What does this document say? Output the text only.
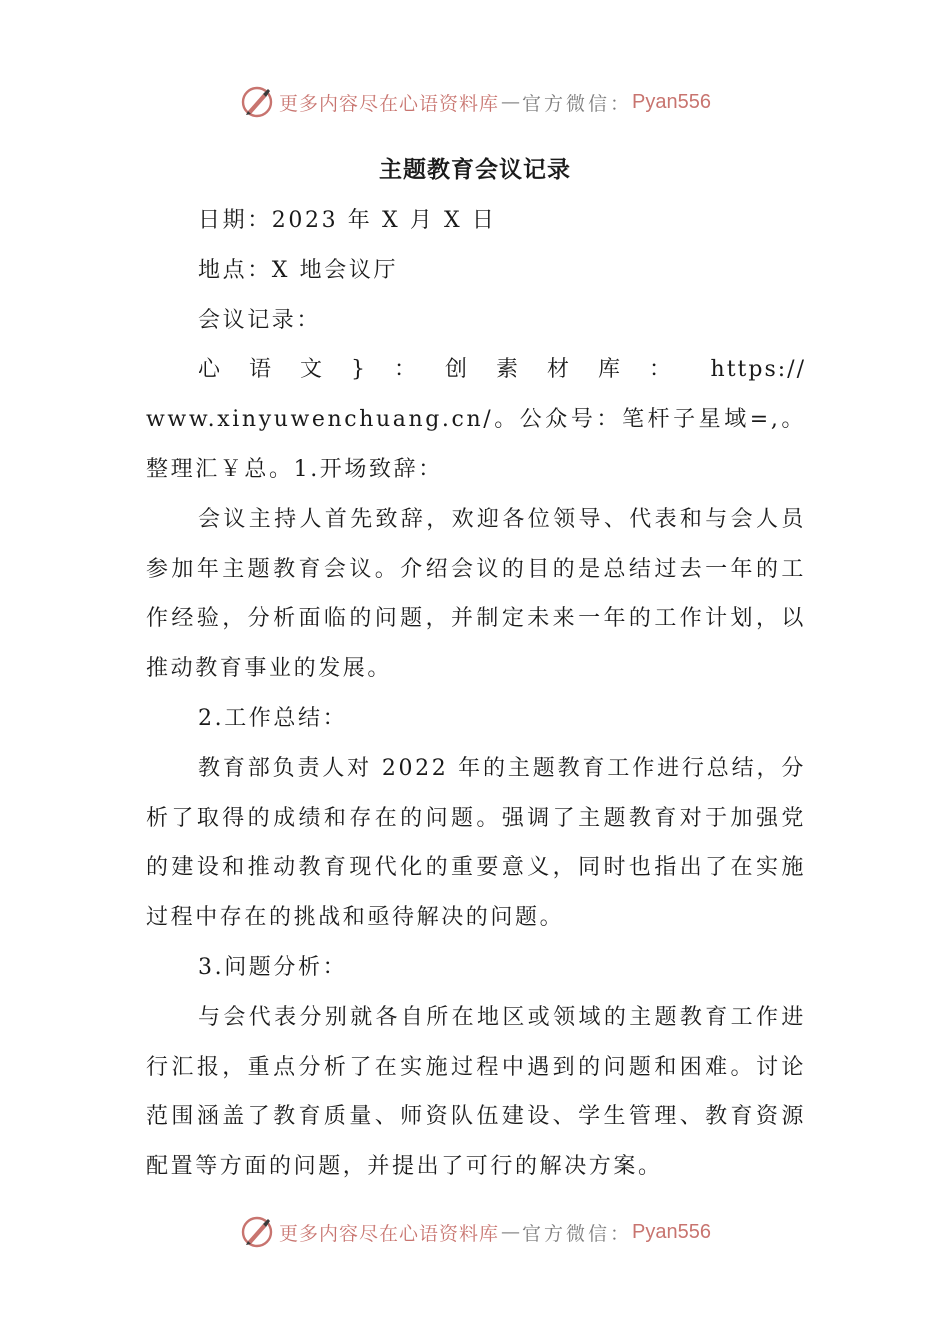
更多内容尽在心语资料库 — 官方微信： Pyan556
主题教育会议记录

日期：2023 年 X 月 X 日

地点：X 地会议厅

会议记录：

心语文}：创素材库： https://

www.xinyuwenchuang.cn/。公众号：笔杆子星域=,。整理汇￥总。1.开场致辞：

会议主持人首先致辞，欢迎各位领导、代表和与会人员参加年主题教育会议。介绍会议的目的是总结过去一年的工作经验，分析面临的问题，并制定未来一年的工作计划，以推动教育事业的发展。

2.工作总结：

教育部负责人对 2022 年的主题教育工作进行总结，分析了取得的成绩和存在的问题。强调了主题教育对于加强党的建设和推动教育现代化的重要意义，同时也指出了在实施过程中存在的挑战和亟待解决的问题。

3.问题分析：

与会代表分别就各自所在地区或领域的主题教育工作进行汇报，重点分析了在实施过程中遇到的问题和困难。讨论范围涵盖了教育质量、师资队伍建设、学生管理、教育资源配置等方面的问题，并提出了可行的解决方案。

更多内容尽在心语资料库 — 官方微信： Pyan556
